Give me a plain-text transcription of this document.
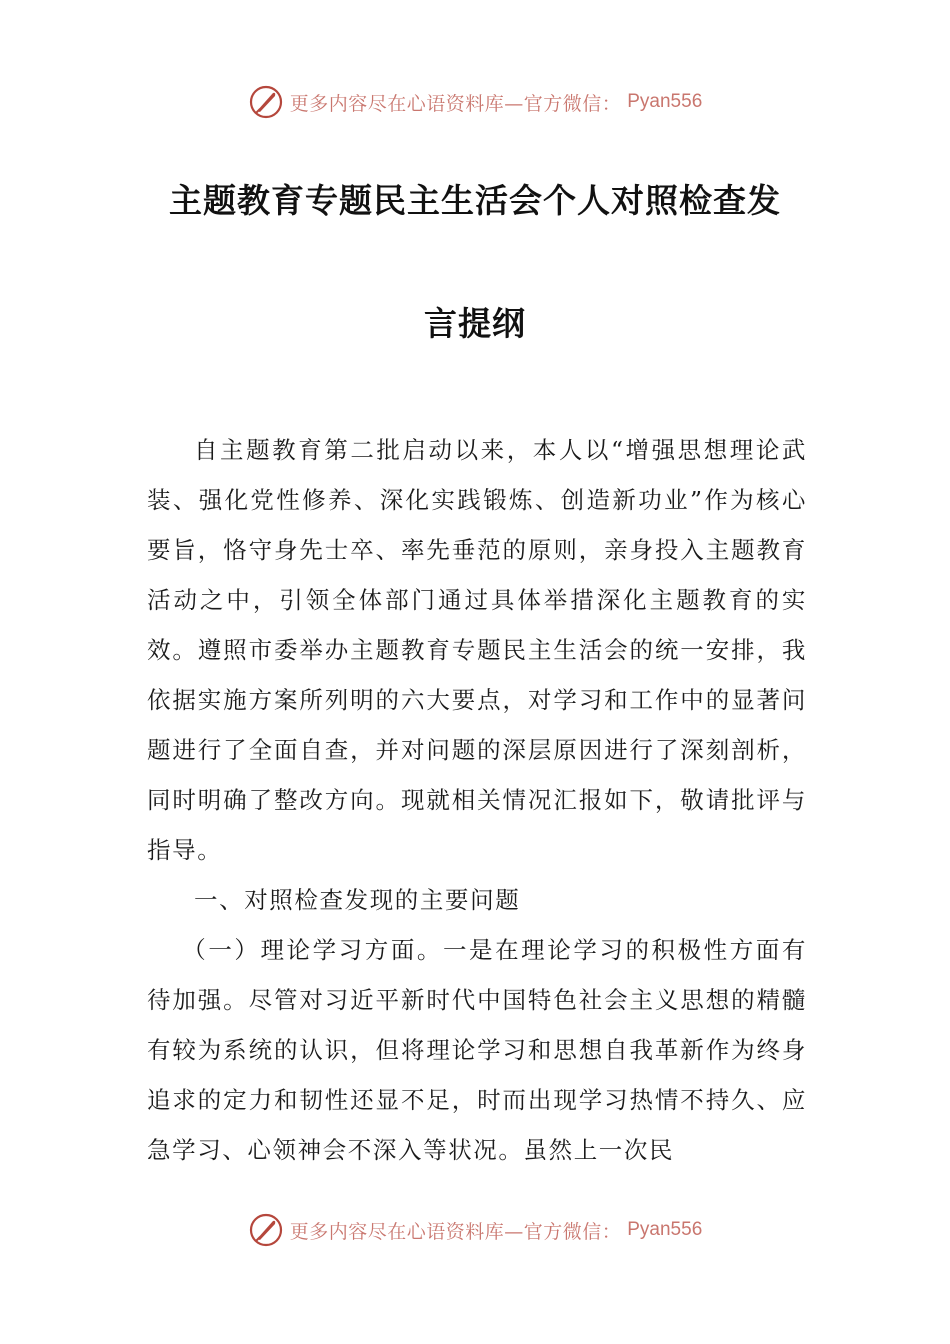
更多内容尽在心语资料库—官方微信： Pyan556
主题教育专题民主生活会个人对照检查发
言提纲

自主题教育第二批启动以来，本人以“增强思想理论武装、强化党性修养、深化实践锻炼、创造新功业”作为核心要旨，恪守身先士卒、率先垂范的原则，亲身投入主题教育活动之中，引领全体部门通过具体举措深化主题教育的实效。遵照市委举办主题教育专题民主生活会的统一安排，我依据实施方案所列明的六大要点，对学习和工作中的显著问题进行了全面自查，并对问题的深层原因进行了深刻剖析，同时明确了整改方向。现就相关情况汇报如下，敬请批评与指导。

一、对照检查发现的主要问题

（一）理论学习方面。一是在理论学习的积极性方面有待加强。尽管对习近平新时代中国特色社会主义思想的精髓有较为系统的认识，但将理论学习和思想自我革新作为终身追求的定力和韧性还显不足，时而出现学习热情不持久、应急学习、心领神会不深入等状况。虽然上一次民

更多内容尽在心语资料库—官方微信： Pyan556
